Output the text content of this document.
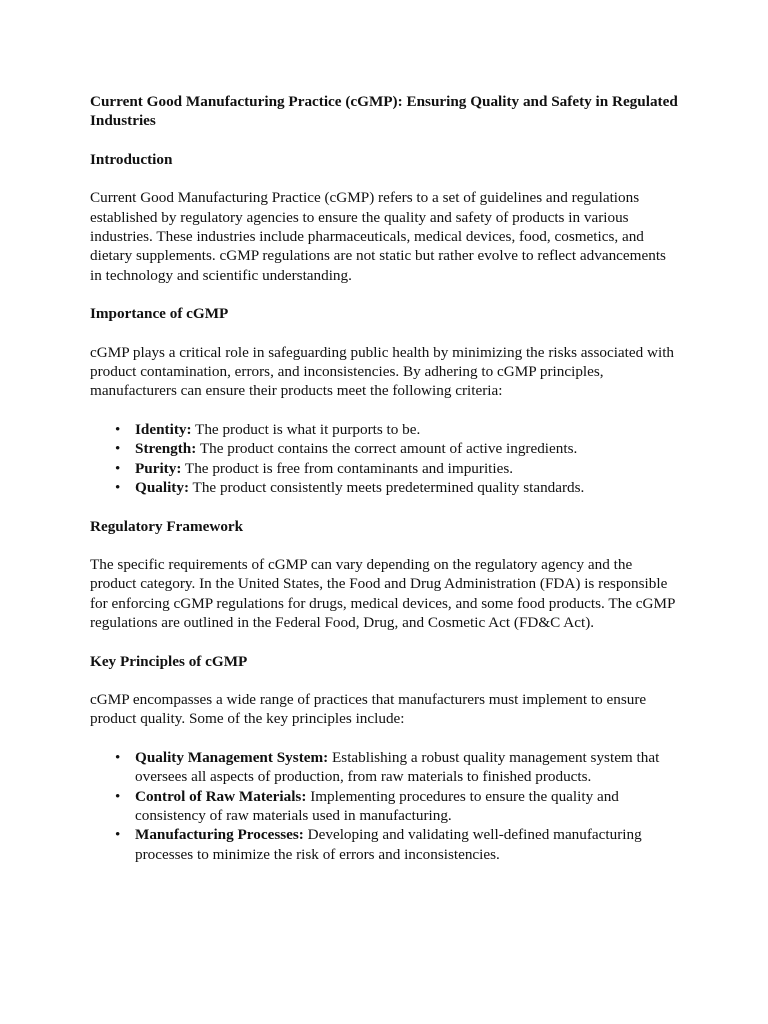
Current Good Manufacturing Practice (cGMP): Ensuring Quality and Safety in Regulated Industries
Introduction
Current Good Manufacturing Practice (cGMP) refers to a set of guidelines and regulations established by regulatory agencies to ensure the quality and safety of products in various industries. These industries include pharmaceuticals, medical devices, food, cosmetics, and dietary supplements. cGMP regulations are not static but rather evolve to reflect advancements in technology and scientific understanding.
Importance of cGMP
cGMP plays a critical role in safeguarding public health by minimizing the risks associated with product contamination, errors, and inconsistencies. By adhering to cGMP principles, manufacturers can ensure their products meet the following criteria:
• Identity: The product is what it purports to be.
• Strength: The product contains the correct amount of active ingredients.
• Purity: The product is free from contaminants and impurities.
• Quality: The product consistently meets predetermined quality standards.
Regulatory Framework
The specific requirements of cGMP can vary depending on the regulatory agency and the product category. In the United States, the Food and Drug Administration (FDA) is responsible for enforcing cGMP regulations for drugs, medical devices, and some food products. The cGMP regulations are outlined in the Federal Food, Drug, and Cosmetic Act (FD&C Act).
Key Principles of cGMP
cGMP encompasses a wide range of practices that manufacturers must implement to ensure product quality. Some of the key principles include:
• Quality Management System: Establishing a robust quality management system that oversees all aspects of production, from raw materials to finished products.
• Control of Raw Materials: Implementing procedures to ensure the quality and consistency of raw materials used in manufacturing.
• Manufacturing Processes: Developing and validating well-defined manufacturing processes to minimize the risk of errors and inconsistencies.
